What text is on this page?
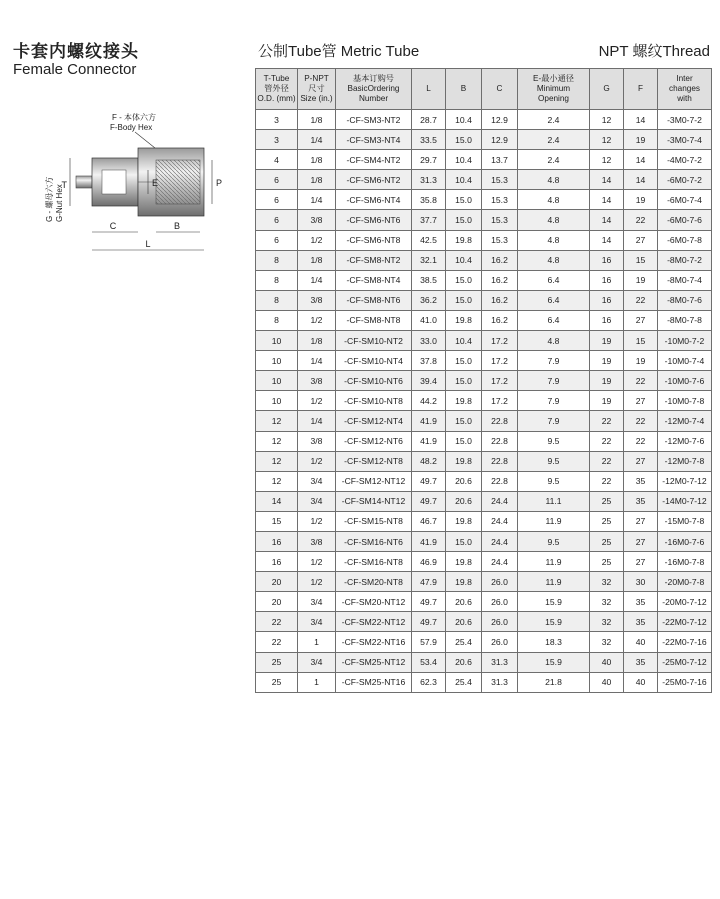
卡套内螺纹接头
Female Connector
公制Tube管 Metric Tube	NPT 螺纹Thread
F - 本体六方
F-Body Hex
G - 螺母六方 G-Nut Hex
T	E	P
C	B
L
T-Tube
管外径
O.D. (mm)	P-NPT
尺寸
Size (in.)	基本订购号
BasicOrdering
Number	L	B	C	E-最小通径
Minimum
Opening	G	F	Inter
changes
with
3	1/8	-CF-SM3-NT2	28.7	10.4	12.9	2.4	12	14	-3M0-7-2
3	1/4	-CF-SM3-NT4	33.5	15.0	12.9	2.4	12	19	-3M0-7-4
4	1/8	-CF-SM4-NT2	29.7	10.4	13.7	2.4	12	14	-4M0-7-2
6	1/8	-CF-SM6-NT2	31.3	10.4	15.3	4.8	14	14	-6M0-7-2
6	1/4	-CF-SM6-NT4	35.8	15.0	15.3	4.8	14	19	-6M0-7-4
6	3/8	-CF-SM6-NT6	37.7	15.0	15.3	4.8	14	22	-6M0-7-6
6	1/2	-CF-SM6-NT8	42.5	19.8	15.3	4.8	14	27	-6M0-7-8
8	1/8	-CF-SM8-NT2	32.1	10.4	16.2	4.8	16	15	-8M0-7-2
8	1/4	-CF-SM8-NT4	38.5	15.0	16.2	6.4	16	19	-8M0-7-4
8	3/8	-CF-SM8-NT6	36.2	15.0	16.2	6.4	16	22	-8M0-7-6
8	1/2	-CF-SM8-NT8	41.0	19.8	16.2	6.4	16	27	-8M0-7-8
10	1/8	-CF-SM10-NT2	33.0	10.4	17.2	4.8	19	15	-10M0-7-2
10	1/4	-CF-SM10-NT4	37.8	15.0	17.2	7.9	19	19	-10M0-7-4
10	3/8	-CF-SM10-NT6	39.4	15.0	17.2	7.9	19	22	-10M0-7-6
10	1/2	-CF-SM10-NT8	44.2	19.8	17.2	7.9	19	27	-10M0-7-8
12	1/4	-CF-SM12-NT4	41.9	15.0	22.8	7.9	22	22	-12M0-7-4
12	3/8	-CF-SM12-NT6	41.9	15.0	22.8	9.5	22	22	-12M0-7-6
12	1/2	-CF-SM12-NT8	48.2	19.8	22.8	9.5	22	27	-12M0-7-8
12	3/4	-CF-SM12-NT12	49.7	20.6	22.8	9.5	22	35	-12M0-7-12
14	3/4	-CF-SM14-NT12	49.7	20.6	24.4	11.1	25	35	-14M0-7-12
15	1/2	-CF-SM15-NT8	46.7	19.8	24.4	11.9	25	27	-15M0-7-8
16	3/8	-CF-SM16-NT6	41.9	15.0	24.4	9.5	25	27	-16M0-7-6
16	1/2	-CF-SM16-NT8	46.9	19.8	24.4	11.9	25	27	-16M0-7-8
20	1/2	-CF-SM20-NT8	47.9	19.8	26.0	11.9	32	30	-20M0-7-8
20	3/4	-CF-SM20-NT12	49.7	20.6	26.0	15.9	32	35	-20M0-7-12
22	3/4	-CF-SM22-NT12	49.7	20.6	26.0	15.9	32	35	-22M0-7-12
22	1	-CF-SM22-NT16	57.9	25.4	26.0	18.3	32	40	-22M0-7-16
25	3/4	-CF-SM25-NT12	53.4	20.6	31.3	15.9	40	35	-25M0-7-12
25	1	-CF-SM25-NT16	62.3	25.4	31.3	21.8	40	40	-25M0-7-16
